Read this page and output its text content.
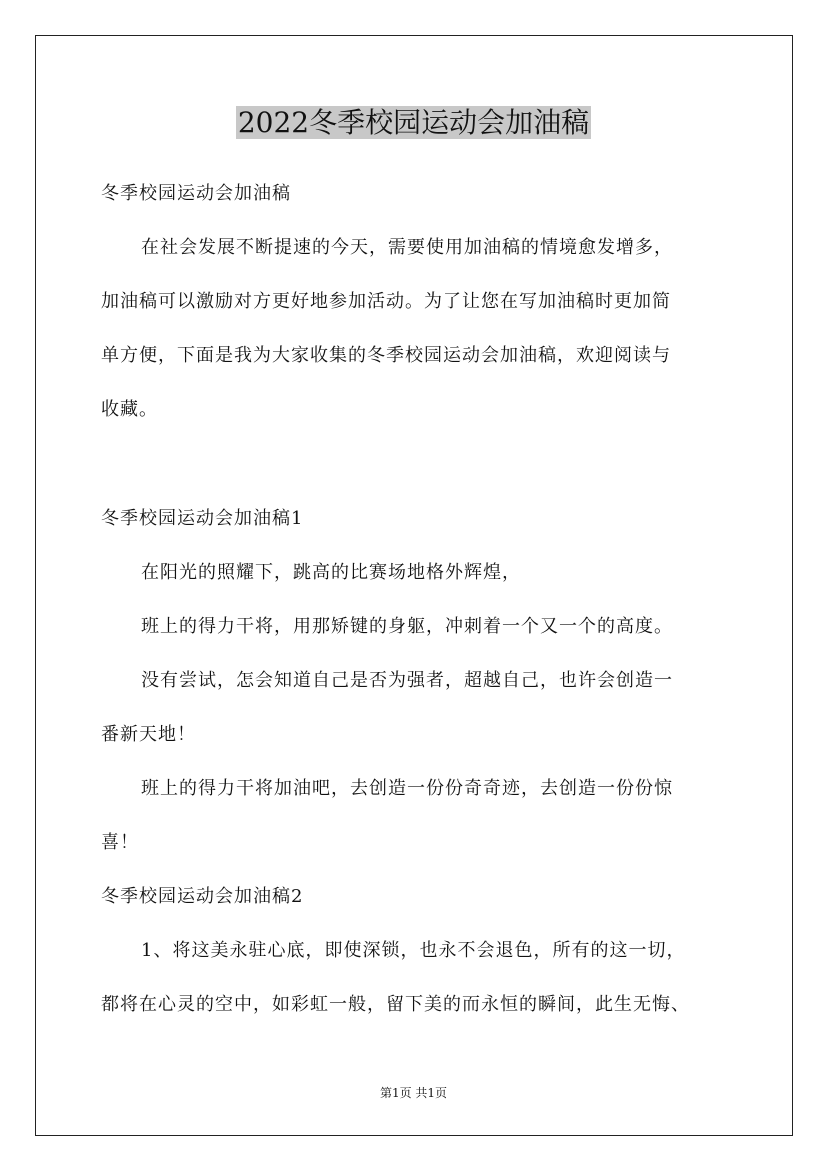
2022冬季校园运动会加油稿
冬季校园运动会加油稿
在社会发展不断提速的今天，需要使用加油稿的情境愈发增多，
加油稿可以激励对方更好地参加活动。为了让您在写加油稿时更加简
单方便，下面是我为大家收集的冬季校园运动会加油稿，欢迎阅读与
收藏。
冬季校园运动会加油稿1
在阳光的照耀下，跳高的比赛场地格外辉煌，
班上的得力干将，用那矫键的身躯，冲刺着一个又一个的高度。
没有尝试，怎会知道自己是否为强者，超越自己，也许会创造一
番新天地！
班上的得力干将加油吧，去创造一份份奇奇迹，去创造一份份惊
喜！
冬季校园运动会加油稿2
1、将这美永驻心底，即使深锁，也永不会退色，所有的这一切，
都将在心灵的空中，如彩虹一般，留下美的而永恒的瞬间，此生无悔、
第1页 共1页
